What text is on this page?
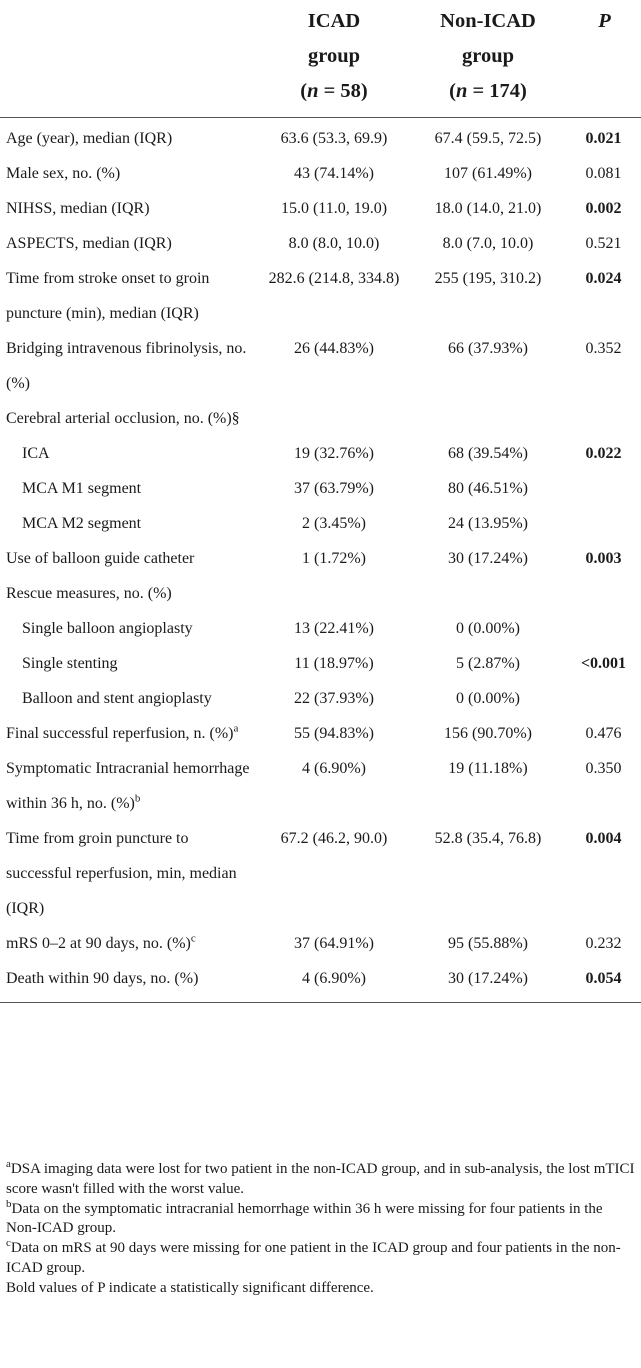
	ICAD
group
(n = 58)	Non-ICAD
group
(n = 174)	P
Age (year), median (IQR)	63.6 (53.3, 69.9)	67.4 (59.5, 72.5)	0.021
Male sex, no. (%)	43 (74.14%)	107 (61.49%)	0.081
NIHSS, median (IQR)	15.0 (11.0, 19.0)	18.0 (14.0, 21.0)	0.002
ASPECTS, median (IQR)	8.0 (8.0, 10.0)	8.0 (7.0, 10.0)	0.521
Time from stroke onset to groin puncture (min), median (IQR)	282.6 (214.8, 334.8)	255 (195, 310.2)	0.024
Bridging intravenous fibrinolysis, no. (%)	26 (44.83%)	66 (37.93%)	0.352
Cerebral arterial occlusion, no. (%)§			
ICA	19 (32.76%)	68 (39.54%)	0.022
MCA M1 segment	37 (63.79%)	80 (46.51%)	
MCA M2 segment	2 (3.45%)	24 (13.95%)	
Use of balloon guide catheter	1 (1.72%)	30 (17.24%)	0.003
Rescue measures, no. (%)			
Single balloon angioplasty	13 (22.41%)	0 (0.00%)	
Single stenting	11 (18.97%)	5 (2.87%)	<0.001
Balloon and stent angioplasty	22 (37.93%)	0 (0.00%)	
Final successful reperfusion, n. (%)$^a$	55 (94.83%)	156 (90.70%)	0.476
Symptomatic Intracranial hemorrhage within 36 h, no. (%)$^b$	4 (6.90%)	19 (11.18%)	0.350
Time from groin puncture to successful reperfusion, min, median (IQR)	67.2 (46.2, 90.0)	52.8 (35.4, 76.8)	0.004
mRS 0–2 at 90 days, no. (%)$^c$	37 (64.91%)	95 (55.88%)	0.232
Death within 90 days, no. (%)	4 (6.90%)	30 (17.24%)	0.054

$^a$DSA imaging data were lost for two patient in the non-ICAD group, and in sub-analysis, the lost mTICI score wasn't filled with the worst value.

$^b$Data on the symptomatic intracranial hemorrhage within 36 h were missing for four patients in the Non-ICAD group.

$^c$Data on mRS at 90 days were missing for one patient in the ICAD group and four patients in the non-ICAD group.

Bold values of P indicate a statistically significant difference.
